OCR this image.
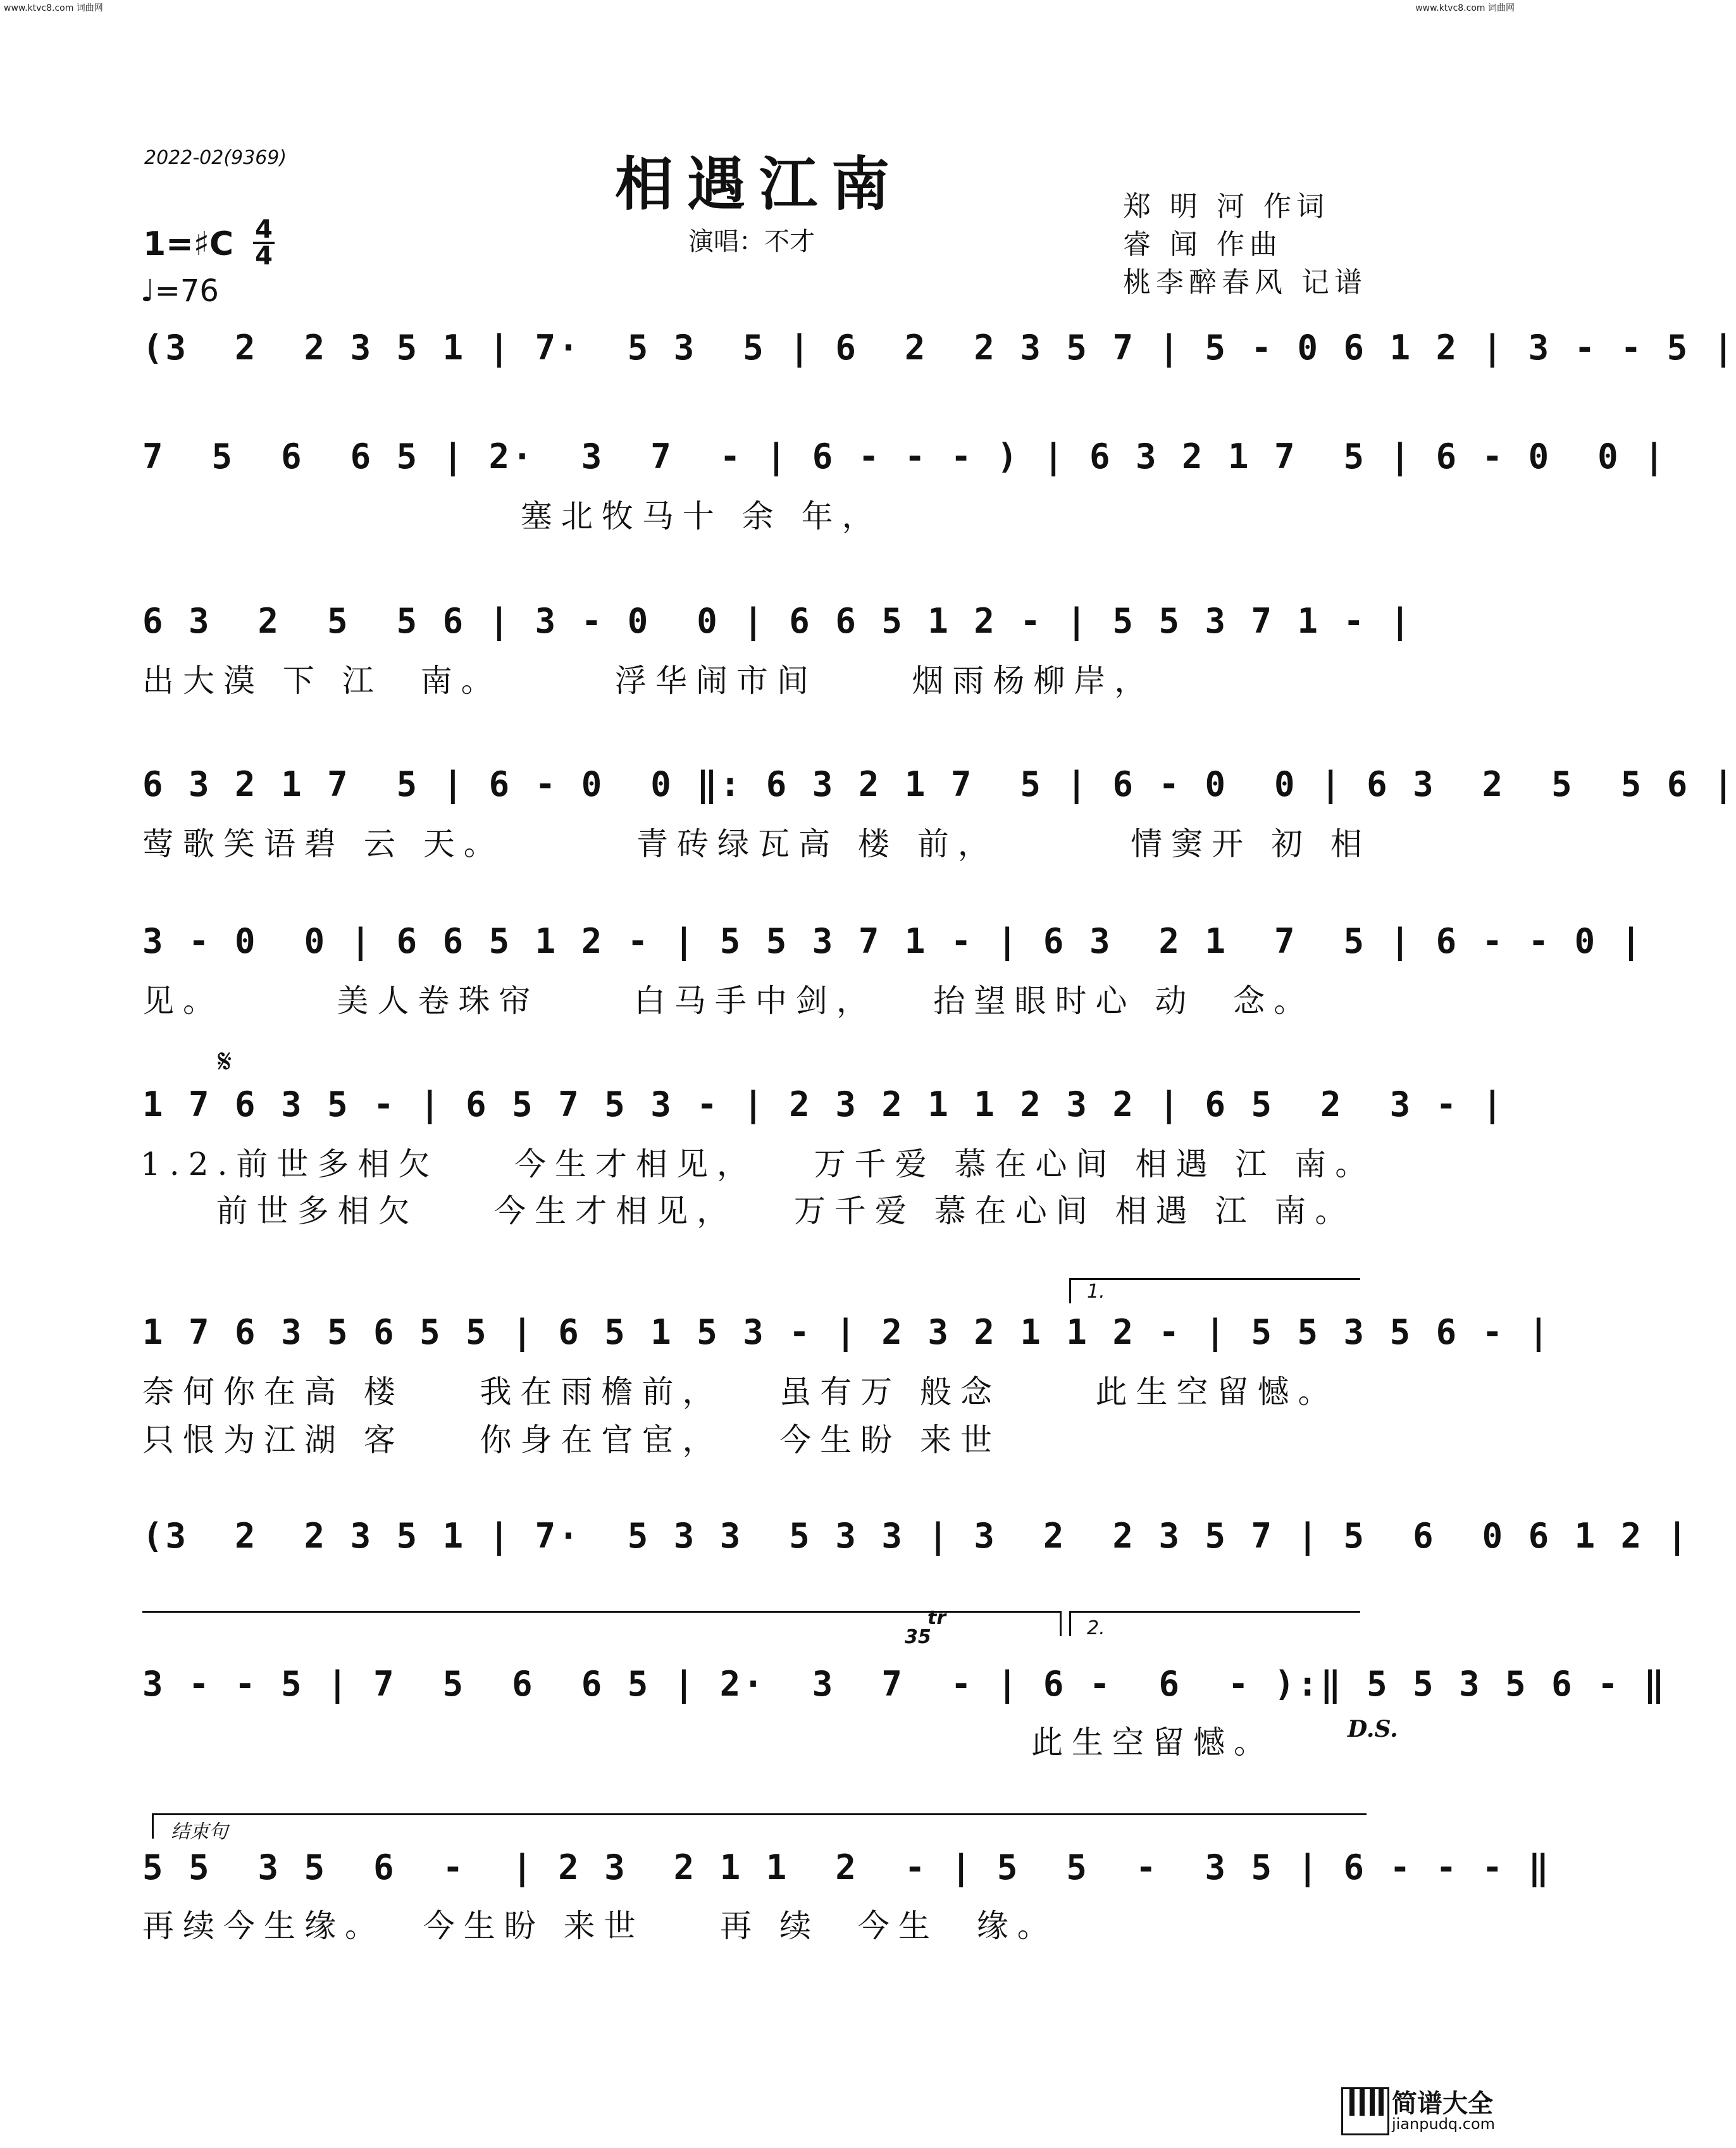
www.ktvc8.com 词曲网	www.ktvc8.com 词曲网
2022-02(9369)	相遇江南
演唱：不才
郑 明 河 作词
睿 闻 作曲
桃李醉春风 记谱
1=♯C 4
4
♩=76
(3  2  2 3 5 1 | 7·  5 3  5 | 6  2  2 3 5 7 | 5 - 0 6 1 2 | 3 - - 5 |
7  5  6  6 5 | 2·  3  7  - | 6 - - - ) | 6 3 2 1 7  5 | 6 - 0  0 |
塞北牧马十 余 年，
6 3  2  5  5 6 | 3 - 0  0 | 6 6 5 1 2 - | 5 5 3 7 1 - |
出大漠 下 江  南。      浮华闹市间     烟雨杨柳岸，
6 3 2 1 7  5 | 6 - 0  0 ‖: 6 3 2 1 7  5 | 6 - 0  0 | 6 3  2  5  5 6 |
莺歌笑语碧 云 天。       青砖绿瓦高 楼 前，       情窦开 初 相
3 - 0  0 | 6 6 5 1 2 - | 5 5 3 7 1 - | 6 3  2 1  7  5 | 6 - - 0 |
见。      美人卷珠帘     白马手中剑，   抬望眼时心 动  念。
𝄋
1 7 6 3 5 - | 6 5 7 5 3 - | 2 3 2 1 1 2 3 2 | 6 5  2  3 - |
1.2.前世多相欠    今生才相见，   万千爱 慕在心间 相遇 江 南。
前世多相欠    今生才相见，   万千爱 慕在心间 相遇 江 南。
1.
1 7 6 3 5 6 5 5 | 6 5 1 5 3 - | 2 3 2 1 1 2 - | 5 5 3 5 6 - |
奈何你在高 楼    我在雨檐前，   虽有万 般念     此生空留憾。
只恨为江湖 客    你身在官宦，   今生盼 来世
(3  2  2 3 5 1 | 7·  5 3 3  5 3 3 | 3  2  2 3 5 7 | 5  6  0 6 1 2 |
2.
35
tr
3 - - 5 | 7  5  6  6 5 | 2·  3  7  - | 6 -  6  - ):‖ 5 5 3 5 6 - ‖
此生空留憾。	D.S.
结束句
5 5  3 5  6  -  | 2 3  2 1 1  2  - | 5  5  -  3 5 | 6 - - - ‖
再续今生缘。  今生盼 来世    再 续  今生  缘。
简谱大全
jianpudq.com
